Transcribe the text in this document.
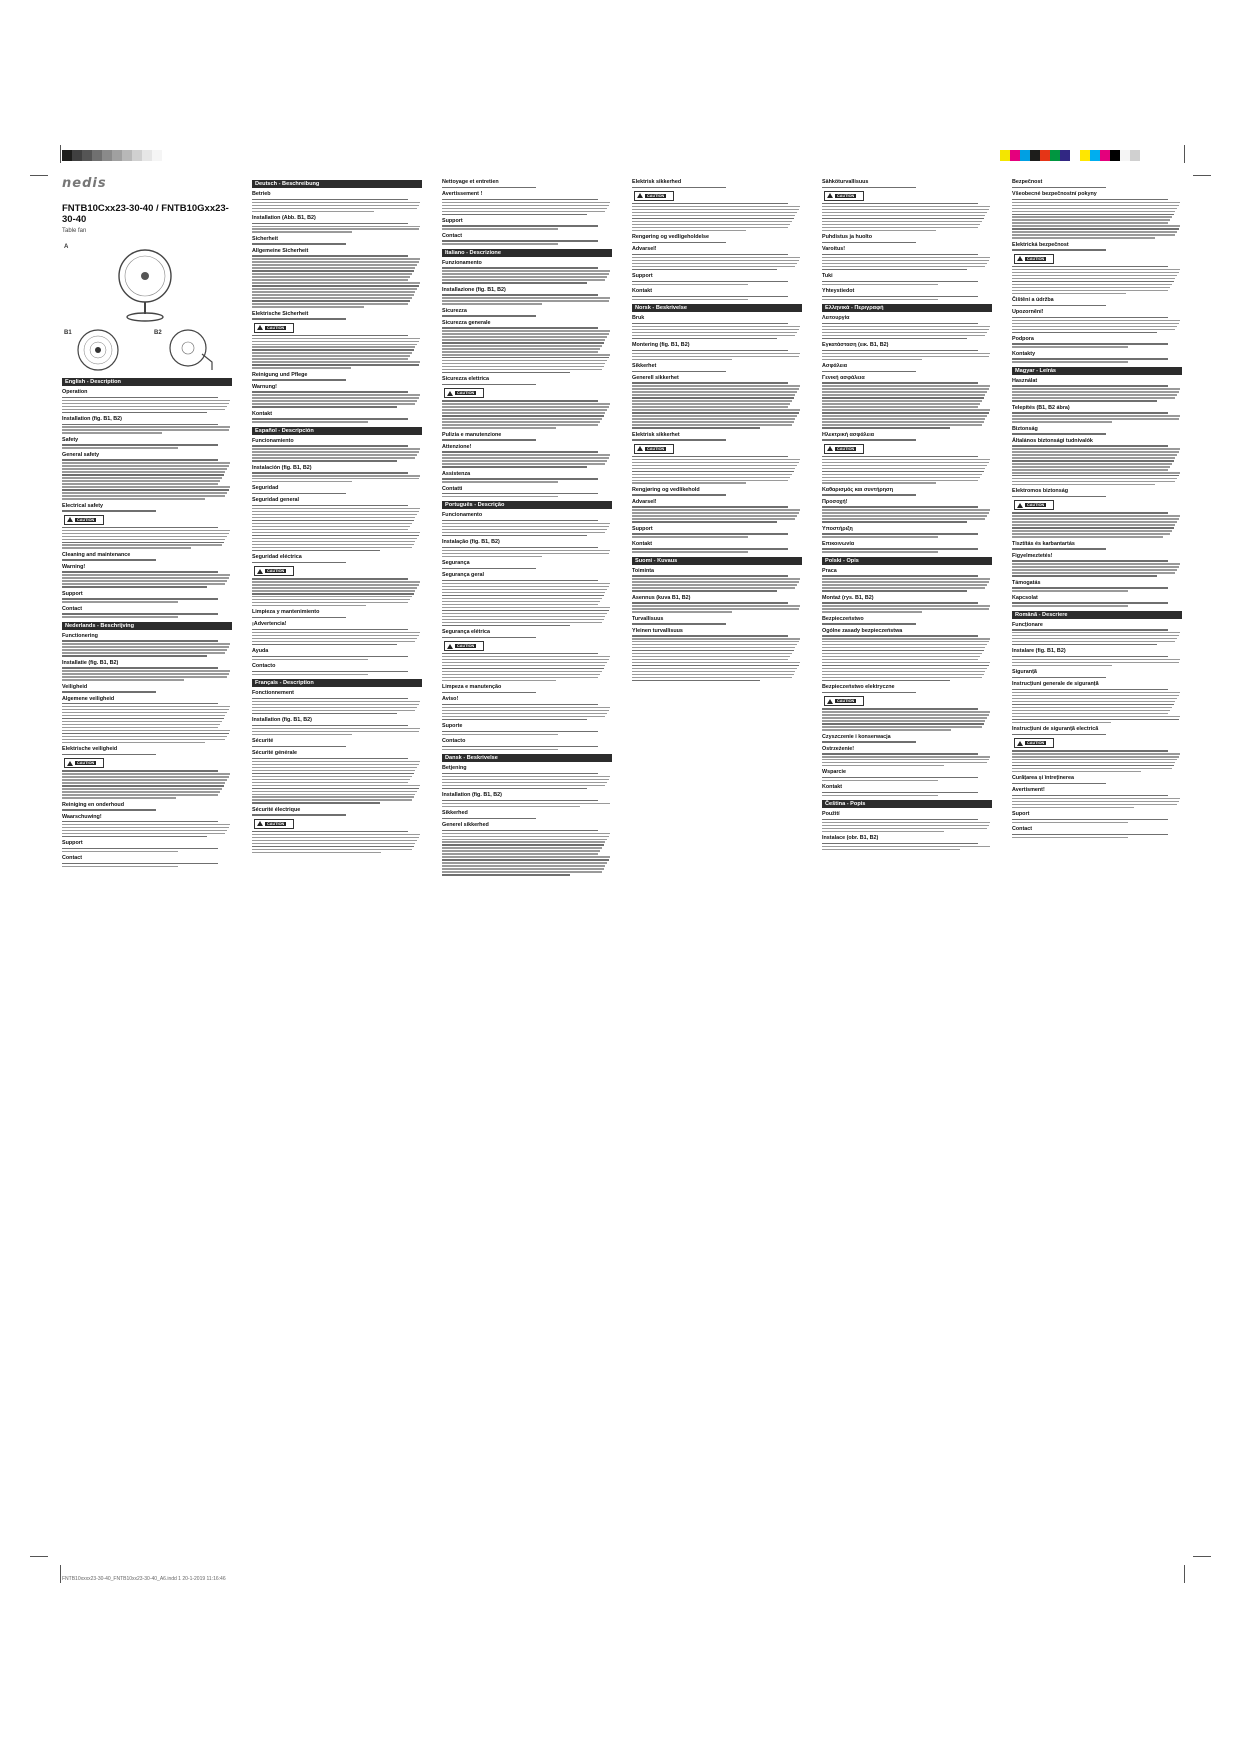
nedis
FNTB10Cxx23-30-40 / FNTB10Gxx23-30-40
Table fan
A
B1	B2
English - Description
Operation
Installation (fig. B1, B2)
Safety
General safety
Electrical safety
CAUTION
Cleaning and maintenance
Warning!
Support
Contact
Nederlands - Beschrijving
Functionering
Installatie (fig. B1, B2)
Veiligheid
Algemene veiligheid
Elektrische veiligheid
CAUTION
Reiniging en onderhoud
Waarschuwing!
Support
Contact
Deutsch - Beschreibung
Betrieb
Installation (Abb. B1, B2)
Sicherheit
Allgemeine Sicherheit
Elektrische Sicherheit
CAUTION
Reinigung und Pflege
Warnung!
Kontakt
Español - Descripción
Funcionamiento
Instalación (fig. B1, B2)
Seguridad
Seguridad general
Seguridad eléctrica
CAUTION
Limpieza y mantenimiento
¡Advertencia!
Ayuda
Contacto
Français - Description
Fonctionnement
Installation (fig. B1, B2)
Sécurité
Sécurité générale
Sécurité électrique
CAUTION
Nettoyage et entretien
Avertissement !
Support
Contact
Italiano - Descrizione
Funzionamento
Installazione (fig. B1, B2)
Sicurezza
Sicurezza generale
Sicurezza elettrica
CAUTION
Pulizia e manutenzione
Attenzione!
Assistenza
Contatti
Português - Descrição
Funcionamento
Instalação (fig. B1, B2)
Segurança
Segurança geral
Segurança elétrica
CAUTION
Limpeza e manutenção
Aviso!
Suporte
Contacto
Dansk - Beskrivelse
Betjening
Installation (fig. B1, B2)
Sikkerhed
Generel sikkerhed
Elektrisk sikkerhed
CAUTION
Rengøring og vedligeholdelse
Advarsel!
Support
Kontakt
Norsk - Beskrivelse
Bruk
Montering (fig. B1, B2)
Sikkerhet
Generell sikkerhet
Elektrisk sikkerhet
CAUTION
Rengjøring og vedlikehold
Advarsel!
Support
Kontakt
Suomi - Kuvaus
Toiminta
Asennus (kuva B1, B2)
Turvallisuus
Yleinen turvallisuus
Sähköturvallisuus
CAUTION
Puhdistus ja huolto
Varoitus!
Tuki
Yhteystiedot
Ελληνικά - Περιγραφή
Λειτουργία
Εγκατάσταση (εικ. B1, B2)
Ασφάλεια
Γενική ασφάλεια
Ηλεκτρική ασφάλεια
CAUTION
Καθαρισμός και συντήρηση
Προσοχή!
Υποστήριξη
Επικοινωνία
Polski - Opis
Praca
Montaż (rys. B1, B2)
Bezpieczeństwo
Ogólne zasady bezpieczeństwa
Bezpieczeństwo elektryczne
CAUTION
Czyszczenie i konserwacja
Ostrzeżenie!
Wsparcie
Kontakt
Čeština - Popis
Použití
Instalace (obr. B1, B2)
Bezpečnost
Všeobecné bezpečnostní pokyny
Elektrická bezpečnost
CAUTION
Čištění a údržba
Upozornění!
Podpora
Kontakty
Magyar - Leírás
Használat
Telepítés (B1, B2 ábra)
Biztonság
Általános biztonsági tudnivalók
Elektromos biztonság
CAUTION
Tisztítás és karbantartás
Figyelmeztetés!
Támogatás
Kapcsolat
Română - Descriere
Funcționare
Instalare (fig. B1, B2)
Siguranță
Instrucțiuni generale de siguranță
Instrucțiuni de siguranță electrică
CAUTION
Curățarea și întreținerea
Avertisment!
Suport
Contact
FNTB10xxxx23-30-40_FNTB10xx23-30-40_A6.indd 1 20-1-2019 11:16:46
